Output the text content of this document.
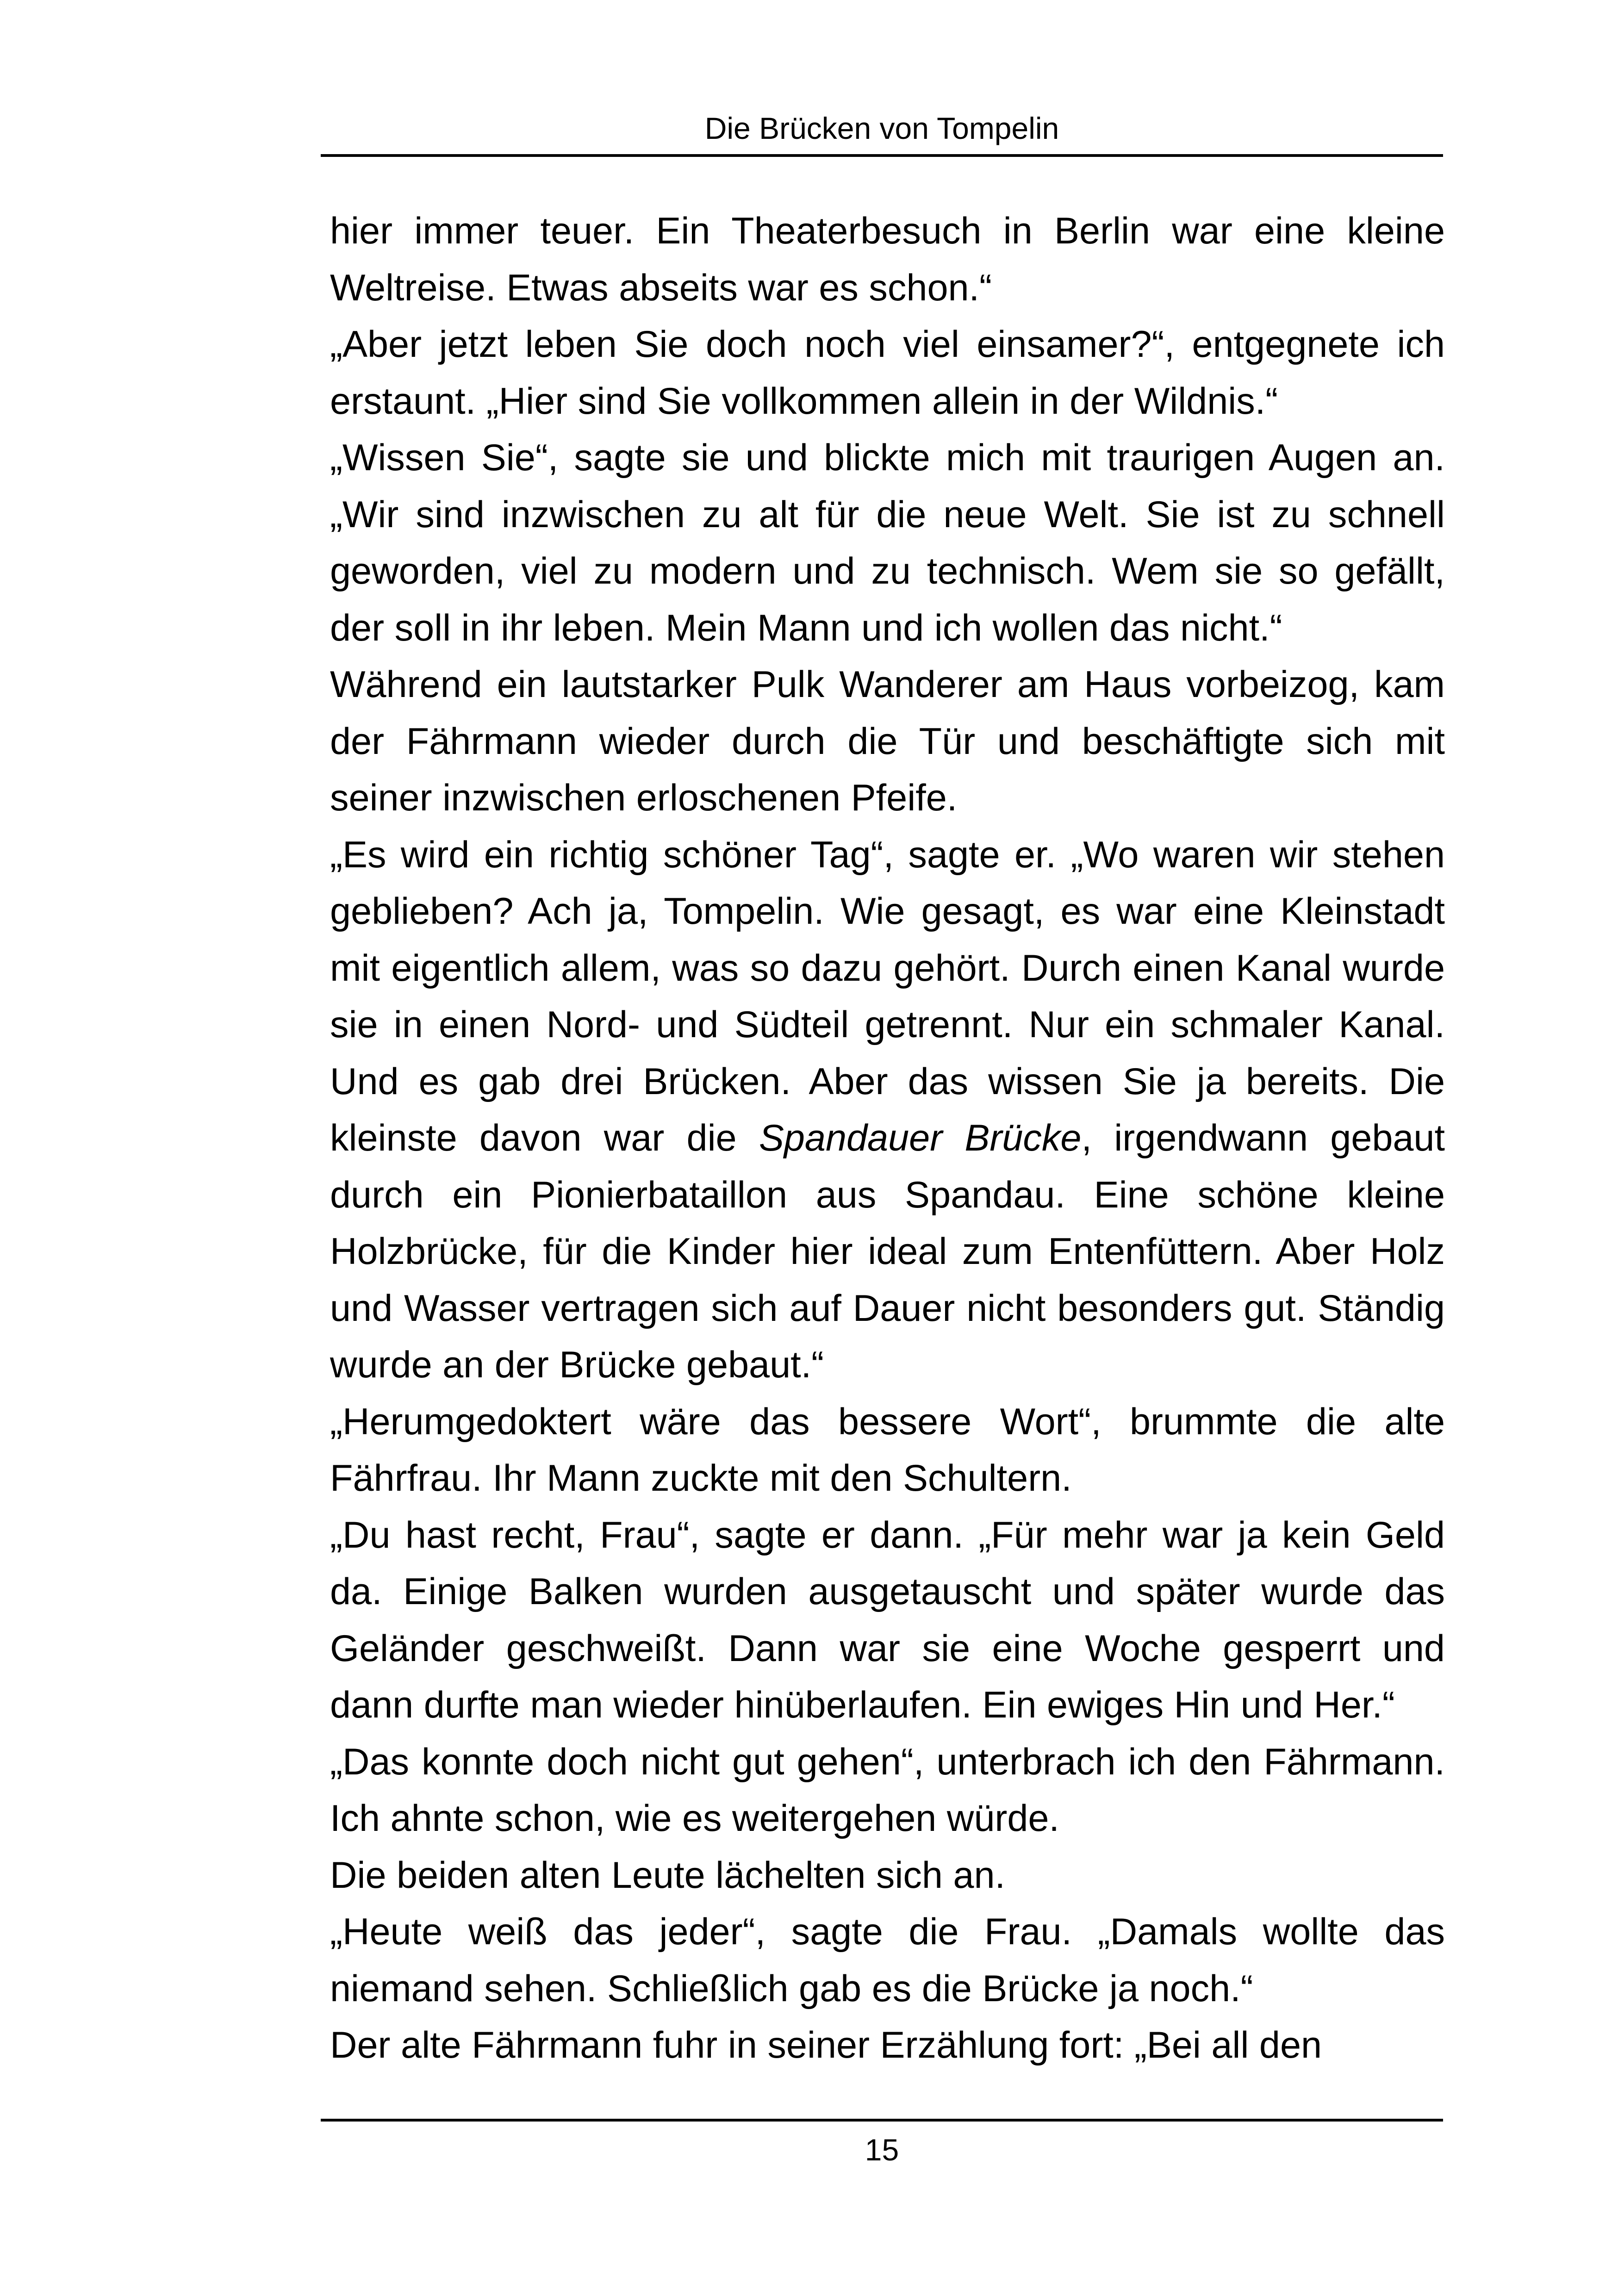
Die Brücken von Tompelin

hier immer teuer. Ein Theaterbesuch in Berlin war eine kleine Weltreise. Etwas abseits war es schon.“

„Aber jetzt leben Sie doch noch viel einsamer?“, entgegnete ich erstaunt. „Hier sind Sie vollkommen allein in der Wildnis.“

„Wissen Sie“, sagte sie und blickte mich mit traurigen Augen an. „Wir sind inzwischen zu alt für die neue Welt. Sie ist zu schnell geworden, viel zu modern und zu technisch. Wem sie so gefällt, der soll in ihr leben. Mein Mann und ich wollen das nicht.“

Während ein lautstarker Pulk Wanderer am Haus vorbeizog, kam der Fährmann wieder durch die Tür und beschäftigte sich mit seiner inzwischen erloschenen Pfeife.

„Es wird ein richtig schöner Tag“, sagte er. „Wo waren wir stehen geblieben? Ach ja, Tompelin. Wie gesagt, es war eine Kleinstadt mit eigentlich allem, was so dazu gehört. Durch einen Kanal wurde sie in einen Nord- und Südteil getrennt. Nur ein schmaler Kanal. Und es gab drei Brücken. Aber das wissen Sie ja bereits. Die kleinste davon war die Spandauer Brücke, irgendwann gebaut durch ein Pionierbataillon aus Spandau. Eine schöne kleine Holzbrücke, für die Kinder hier ideal zum Entenfüttern. Aber Holz und Wasser vertragen sich auf Dauer nicht besonders gut. Ständig wurde an der Brücke gebaut.“

„Herumgedoktert wäre das bessere Wort“, brummte die alte Fährfrau. Ihr Mann zuckte mit den Schultern.

„Du hast recht, Frau“, sagte er dann. „Für mehr war ja kein Geld da. Einige Balken wurden ausgetauscht und später wurde das Geländer geschweißt. Dann war sie eine Woche gesperrt und dann durfte man wieder hinüberlaufen. Ein ewiges Hin und Her.“

„Das konnte doch nicht gut gehen“, unterbrach ich den Fährmann. Ich ahnte schon, wie es weitergehen würde.

Die beiden alten Leute lächelten sich an.

„Heute weiß das jeder“, sagte die Frau. „Damals wollte das niemand sehen. Schließlich gab es die Brücke ja noch.“

Der alte Fährmann fuhr in seiner Erzählung fort: „Bei all den

15
